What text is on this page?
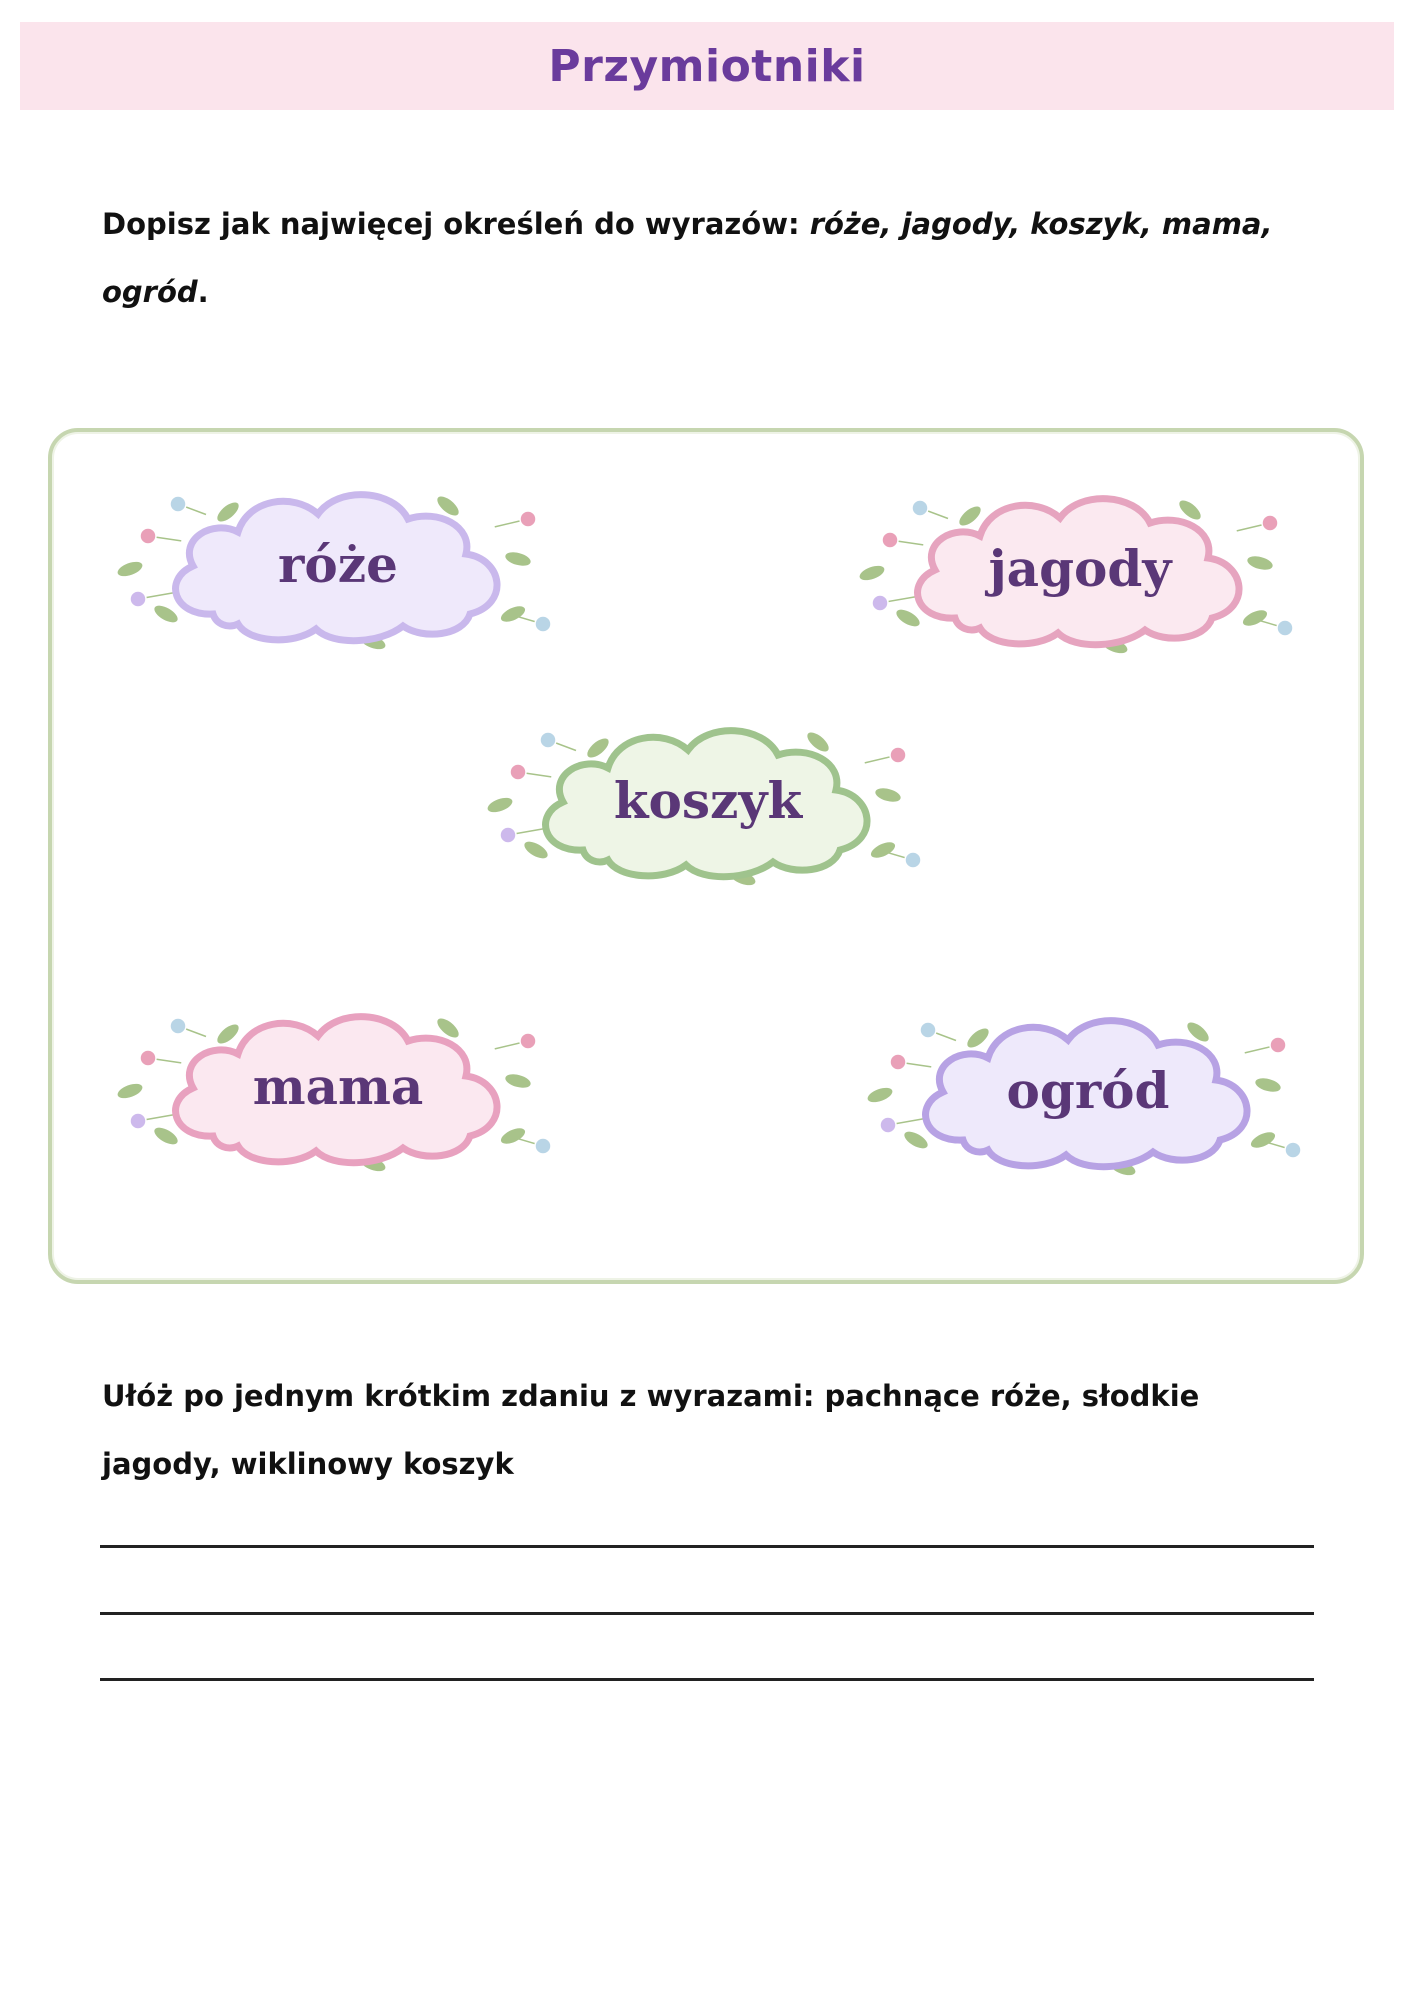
Przymiotniki

Dopisz jak najwięcej określeń do wyrazów: róże, jagody, koszyk, mama, ogród.

róże	jagody
koszyk
mama	ogród

Ułóż po jednym krótkim zdaniu z wyrazami: pachnące róże, słodkie jagody, wiklinowy koszyk
